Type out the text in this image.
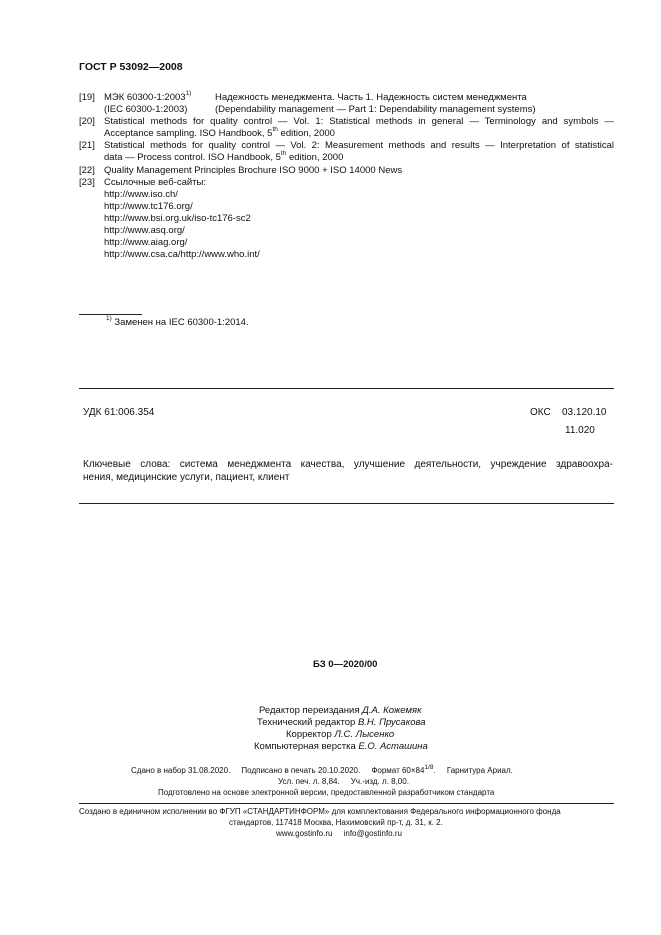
ГОСТ Р 53092—2008
[19] МЭК 60300-1:2003$^{1)}$ Надежность менеджмента. Часть 1. Надежность систем менеджмента
(IEC 60300-1:2003)	(Dependability management — Part 1: Dependability management systems)
[20] Statistical methods for quality control — Vol. 1: Statistical methods in general — Terminology and symbols —
Acceptance sampling. ISO Handbook, 5th edition, 2000
[21] Statistical methods for quality control — Vol. 2: Measurement methods and results — Interpretation of statistical
data — Process control. ISO Handbook, 5th edition, 2000
[22] Quality Management Principles Brochure ISO 9000 + ISO 14000 News
[23] Ссылочные веб-сайты:
http://www.iso.ch/
http://www.tc176.org/
http://www.bsi.org.uk/iso-tc176-sc2
http://www.asq.org/
http://www.aiag.org/
http://www.csa.ca/http://www.who.int/
$^{1)}$ Заменен на IEC 60300-1:2014.
УДК 61:006.354	ОКС 03.120.10
11.020
Ключевые слова: система менеджмента качества, улучшение деятельности, учреждение здравоохра-
нения, медицинские услуги, пациент, клиент
БЗ 0—2020/00
Редактор переиздания Д.А. Кожемяк
Технический редактор В.Н. Прусакова
Корректор Л.С. Лысенко
Компьютерная верстка Е.О. Асташина
Сдано в набор 31.08.2020. Подписано в печать 20.10.2020. Формат $60\times 84^{1/8}$. Гарнитура Ариал.
Усл. печ. л. 8,84.     Уч.-изд. л. 8,00.
Подготовлено на основе электронной версии, предоставленной разработчиком стандарта
Создано в единичном исполнении во ФГУП «СТАНДАРТИНФОРМ» для комплектования Федерального информационного фонда
стандартов, 117418 Москва, Нахимовский пр-т, д. 31, к. 2.
www.gostinfo.ru info@gostinfo.ru
